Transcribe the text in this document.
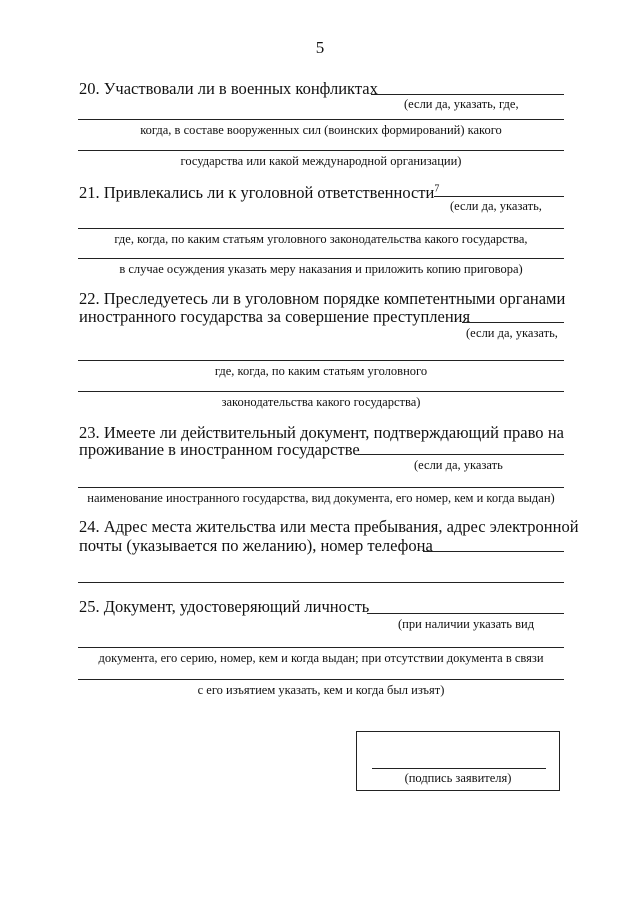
5
20. Участвовали ли в военных конфликтах
(если да, указать, где,
когда, в составе вооруженных сил (воинских формирований) какого
государства или какой международной организации)
21. Привлекались ли к уголовной ответственности$^7$
(если да, указать,
где, когда, по каким статьям уголовного законодательства какого государства,
в случае осуждения указать меру наказания и приложить копию приговора)
22. Преследуетесь ли в уголовном порядке компетентными органами
иностранного государства за совершение преступления
(если да, указать,
где, когда, по каким статьям уголовного
законодательства какого государства)
23. Имеете ли действительный документ, подтверждающий право на
проживание в иностранном государстве
(если да, указать
наименование иностранного государства, вид документа, его номер, кем и когда выдан)
24. Адрес места жительства или места пребывания, адрес электронной
почты (указывается по желанию), номер телефона
25. Документ, удостоверяющий личность
(при наличии указать вид
документа, его серию, номер, кем и когда выдан; при отсутствии документа в связи
с его изъятием указать, кем и когда был изъят)
(подпись заявителя)
